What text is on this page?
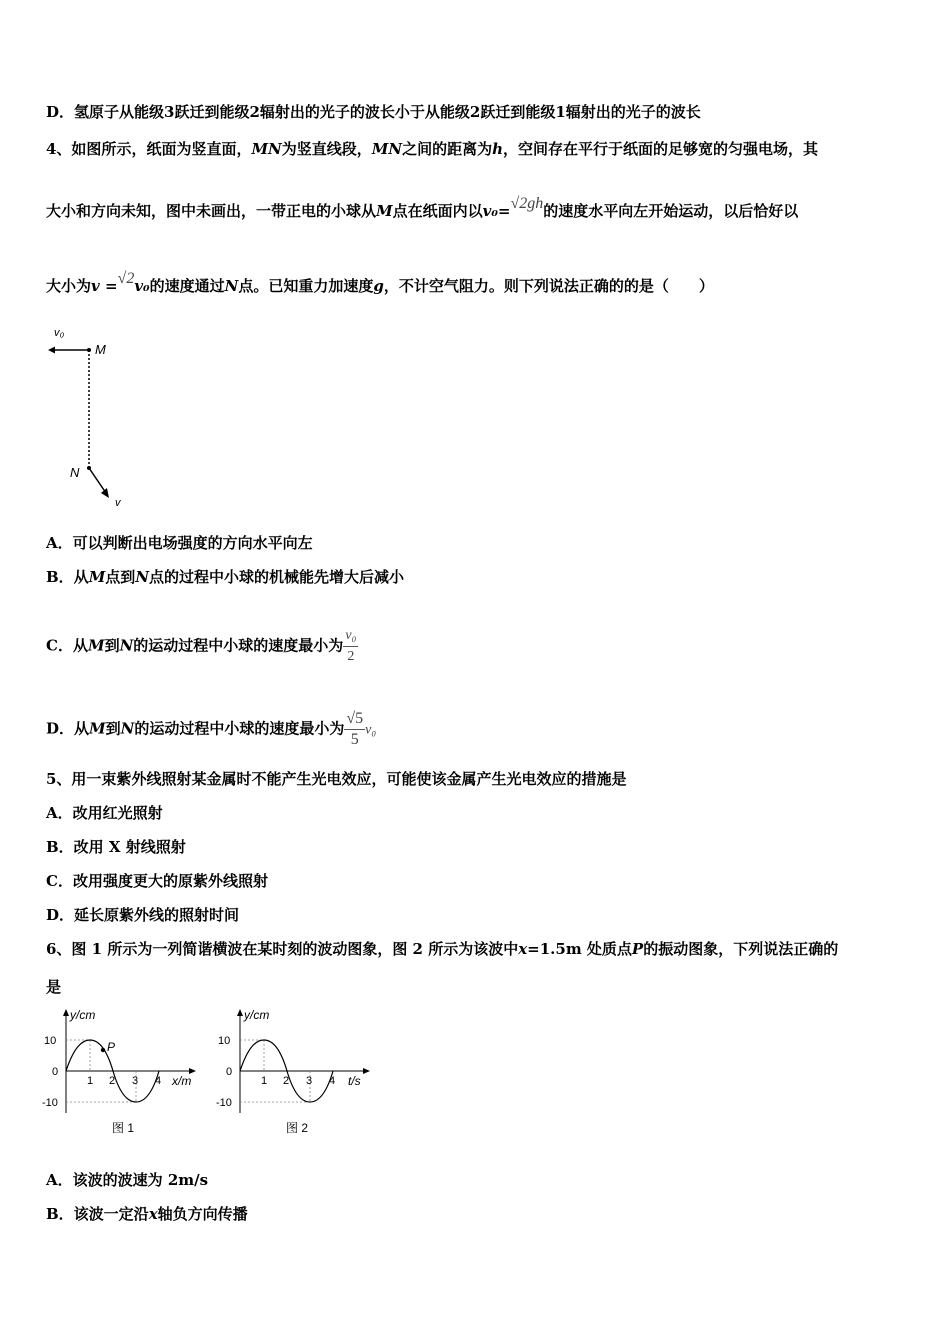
D．氢原子从能级3跃迁到能级2辐射出的光子的波长小于从能级2跃迁到能级1辐射出的光子的波长
4、如图所示，纸面为竖直面，MN为竖直线段，MN之间的距离为h，空间存在平行于纸面的足够宽的匀强电场，其
大小和方向未知，图中未画出，一带正电的小球从M点在纸面内以v₀=√2gh的速度水平向左开始运动，以后恰好以
大小为v =√2v₀的速度通过N点。已知重力加速度g，不计空气阻力。则下列说法正确的的是（　　）
v₀
M
N
v
A．可以判断出电场强度的方向水平向左
B．从M点到N点的过程中小球的机械能先增大后减小
C．从M到N的运动过程中小球的速度最小为 $\frac{\text{v₀}}{2}$
D．从M到N的运动过程中小球的速度最小为 $\frac{√5}{5} v_0$
5、用一束紫外线照射某金属时不能产生光电效应，可能使该金属产生光电效应的措施是
A．改用红光照射
B．改用 X 射线照射
C．改用强度更大的原紫外线照射
D．延长原紫外线的照射时间
6、图 1 所示为一列简谐横波在某时刻的波动图象，图 2 所示为该波中x=1.5m 处质点P的振动图象，下列说法正确的
是
y/cm
x/m
10
0
-10
1 2 3 4
P
图 1
y/cm
t/s
10
0
-10
1 2 3 4
图 2
A．该波的波速为 2m/s
B．该波一定沿x轴负方向传播
